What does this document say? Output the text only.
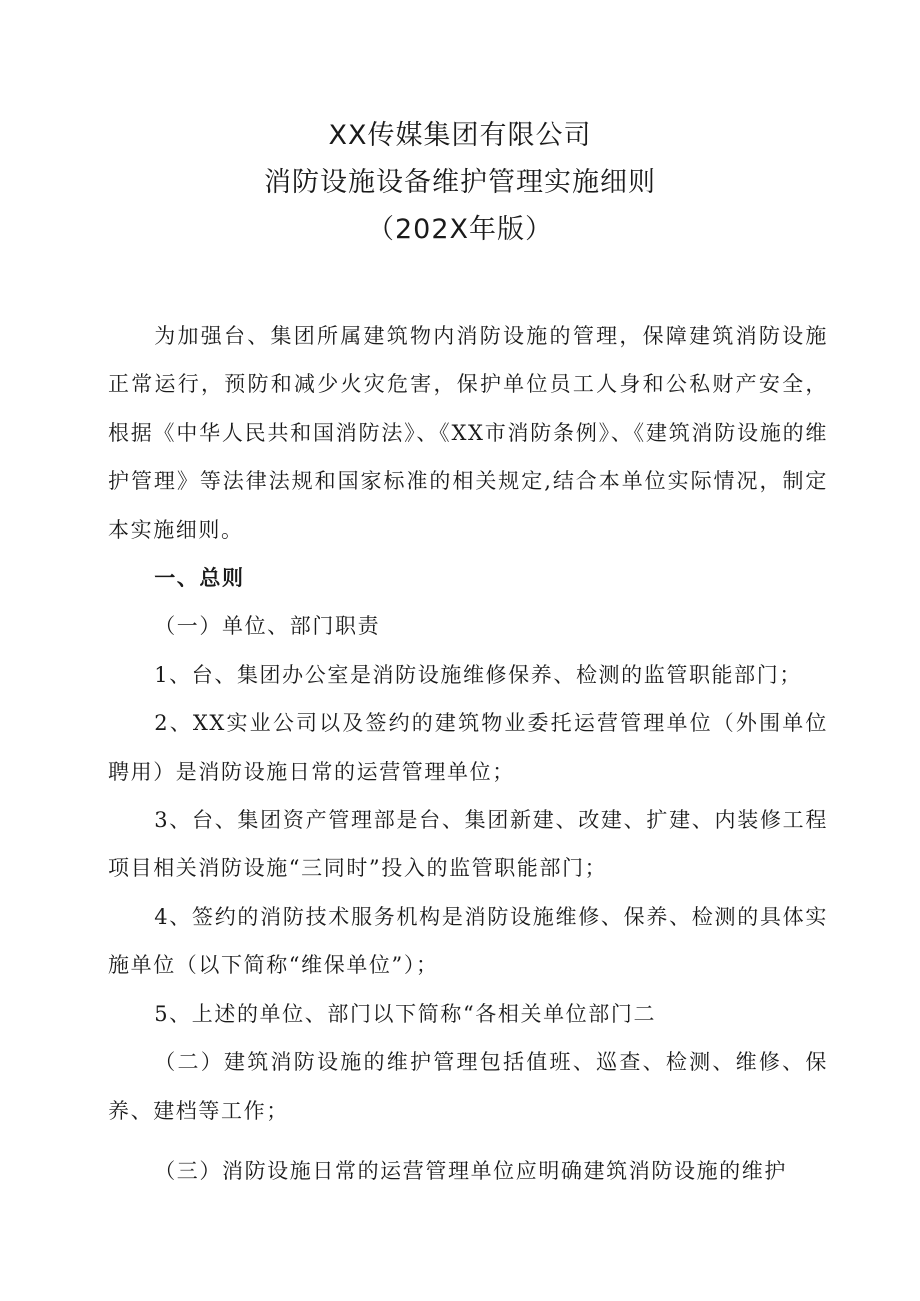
XX传媒集团有限公司
消防设施设备维护管理实施细则
（202X年版）

为加强台、集团所属建筑物内消防设施的管理，保障建筑消防设施正常运行，预防和减少火灾危害，保护单位员工人身和公私财产安全，根据《中华人民共和国消防法》、《XX市消防条例》、《建筑消防设施的维护管理》等法律法规和国家标准的相关规定,结合本单位实际情况，制定本实施细则。

一、总则

（一）单位、部门职责

1、台、集团办公室是消防设施维修保养、检测的监管职能部门；

2、XX实业公司以及签约的建筑物业委托运营管理单位（外围单位聘用）是消防设施日常的运营管理单位；

3、台、集团资产管理部是台、集团新建、改建、扩建、内装修工程项目相关消防设施“三同时”投入的监管职能部门；

4、签约的消防技术服务机构是消防设施维修、保养、检测的具体实施单位（以下简称“维保单位”）；

5、上述的单位、部门以下简称“各相关单位部门二

（二）建筑消防设施的维护管理包括值班、巡查、检测、维修、保养、建档等工作；

（三）消防设施日常的运营管理单位应明确建筑消防设施的维护
